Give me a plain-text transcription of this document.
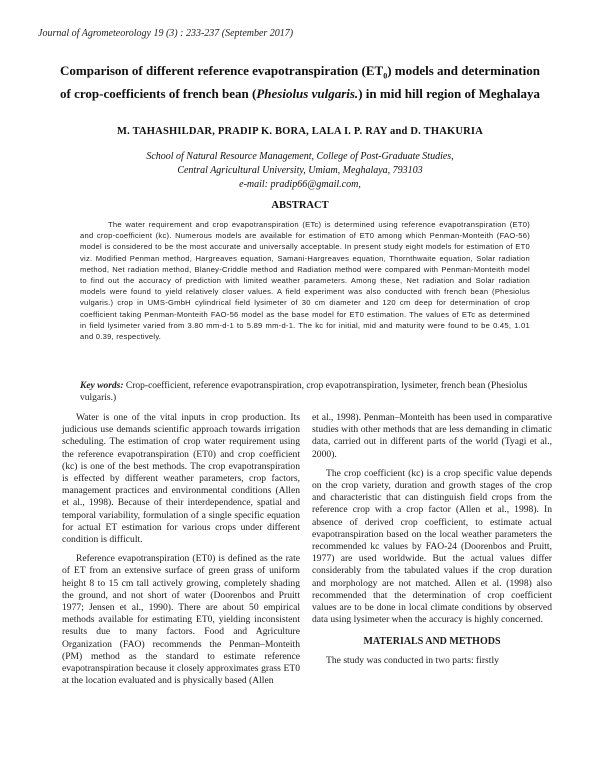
Journal of Agrometeorology 19 (3) : 233-237 (September 2017)
Comparison of different reference evapotranspiration $(ET_0)$ models and determination of crop-coefficients of french bean (Phesiolus vulgaris.) in mid hill region of Meghalaya
M. TAHASHILDAR, PRADIP K. BORA, LALA I. P. RAY and D. THAKURIA
School of Natural Resource Management, College of Post-Graduate Studies,
Central Agricultural University, Umiam, Meghalaya, 793103
e-mail: pradip66@gmail.com,
ABSTRACT
The water requirement and crop evapotranspiration (ETc) is determined using reference evapotranspiration (ET0) and crop-coefficient (kc). Numerous models are available for estimation of ET0 among which Penman-Monteith (FAO-56) model is considered to be the most accurate and universally acceptable. In present study eight models for estimation of ET0 viz. Modified Penman method, Hargreaves equation, Samani-Hargreaves equation, Thornthwaite equation, Solar radiation method, Net radiation method, Blaney-Criddle method and Radiation method were compared with Penman-Monteith model to find out the accuracy of prediction with limited weather parameters. Among these, Net radiation and Solar radiation models were found to yield relatively closer values. A field experiment was also conducted with french bean (Phesiolus vulgaris.) crop in UMS-GmbH cylindrical field lysimeter of 30 cm diameter and 120 cm deep for determination of crop coefficient taking Penman-Monteith FAO-56 model as the base model for ET0 estimation. The values of ETc as determined in field lysimeter varied from 3.80 mm-d-1 to 5.89 mm-d-1. The kc for initial, mid and maturity were found to be 0.45, 1.01 and 0.39, respectively.
Key words: Crop-coefficient, reference evapotranspiration, crop evapotranspiration, lysimeter, french bean (Phesiolus vulgaris.)

Water is one of the vital inputs in crop production. Its judicious use demands scientific approach towards irrigation scheduling. The estimation of crop water requirement using the reference evapotranspiration (ET0) and crop coefficient (kc) is one of the best methods. The crop evapotranspiration is effected by different weather parameters, crop factors, management practices and environmental conditions (Allen et al., 1998). Because of their interdependence, spatial and temporal variability, formulation of a single specific equation for actual ET estimation for various crops under different condition is difficult.

Reference evapotranspiration (ET0) is defined as the rate of ET from an extensive surface of green grass of uniform height 8 to 15 cm tall actively growing, completely shading the ground, and not short of water (Doorenbos and Pruitt 1977; Jensen et al., 1990). There are about 50 empirical methods available for estimating ET0, yielding inconsistent results due to many factors. Food and Agriculture Organization (FAO) recommends the Penman–Monteith (PM) method as the standard to estimate reference evapotranspiration because it closely approximates grass ET0 at the location evaluated and is physically based (Allen

et al., 1998). Penman–Monteith has been used in comparative studies with other methods that are less demanding in climatic data, carried out in different parts of the world (Tyagi et al., 2000).

The crop coefficient (kc) is a crop specific value depends on the crop variety, duration and growth stages of the crop and characteristic that can distinguish field crops from the reference crop with a crop factor (Allen et al., 1998). In absence of derived crop coefficient, to estimate actual evapotranspiration based on the local weather parameters the recommended kc values by FAO-24 (Doorenbos and Pruitt, 1977) are used worldwide. But the actual values differ considerably from the tabulated values if the crop duration and morphology are not matched. Allen et al. (1998) also recommended that the determination of crop coefficient values are to be done in local climate conditions by observed data using lysimeter when the accuracy is highly concerned.

MATERIALS AND METHODS

The study was conducted in two parts: firstly
